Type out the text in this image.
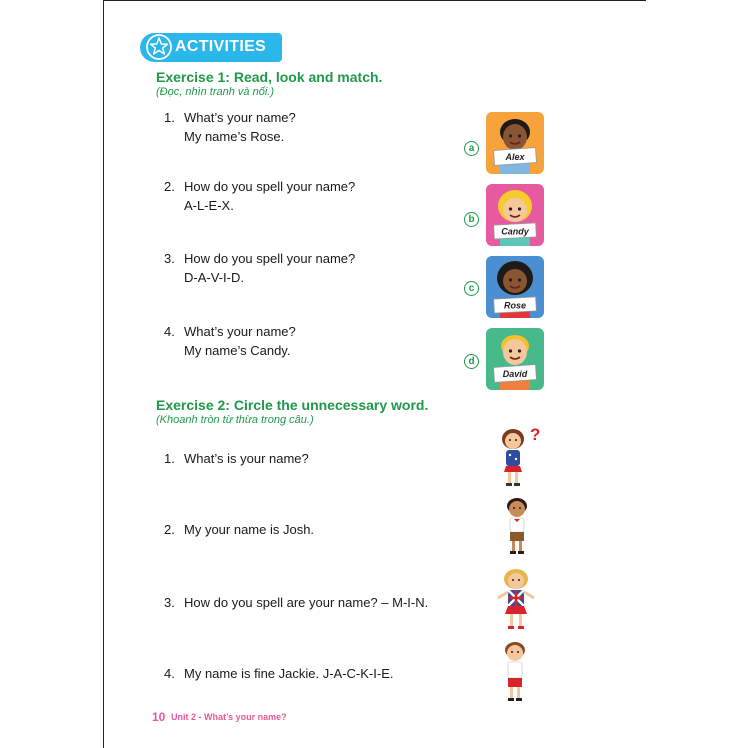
ACTIVITIES
Exercise 1: Read, look and match.
(Đọc, nhìn tranh và nối.)
1. What’s your name?
My name’s Rose.
2. How do you spell your name?
A-L-E-X.
3. How do you spell your name?
D-A-V-I-D.
4. What’s your name?
My name’s Candy.
a
b
c
d
Alex
Candy
Rose
David
Exercise 2: Circle the unnecessary word.
(Khoanh tròn từ thừa trong câu.)
1. What’s is your name?
2. My your name is Josh.
3. How do you spell are your name? – M-I-N.
4. My name is fine Jackie. J-A-C-K-I-E.
?
10 Unit 2 - What’s your name?
